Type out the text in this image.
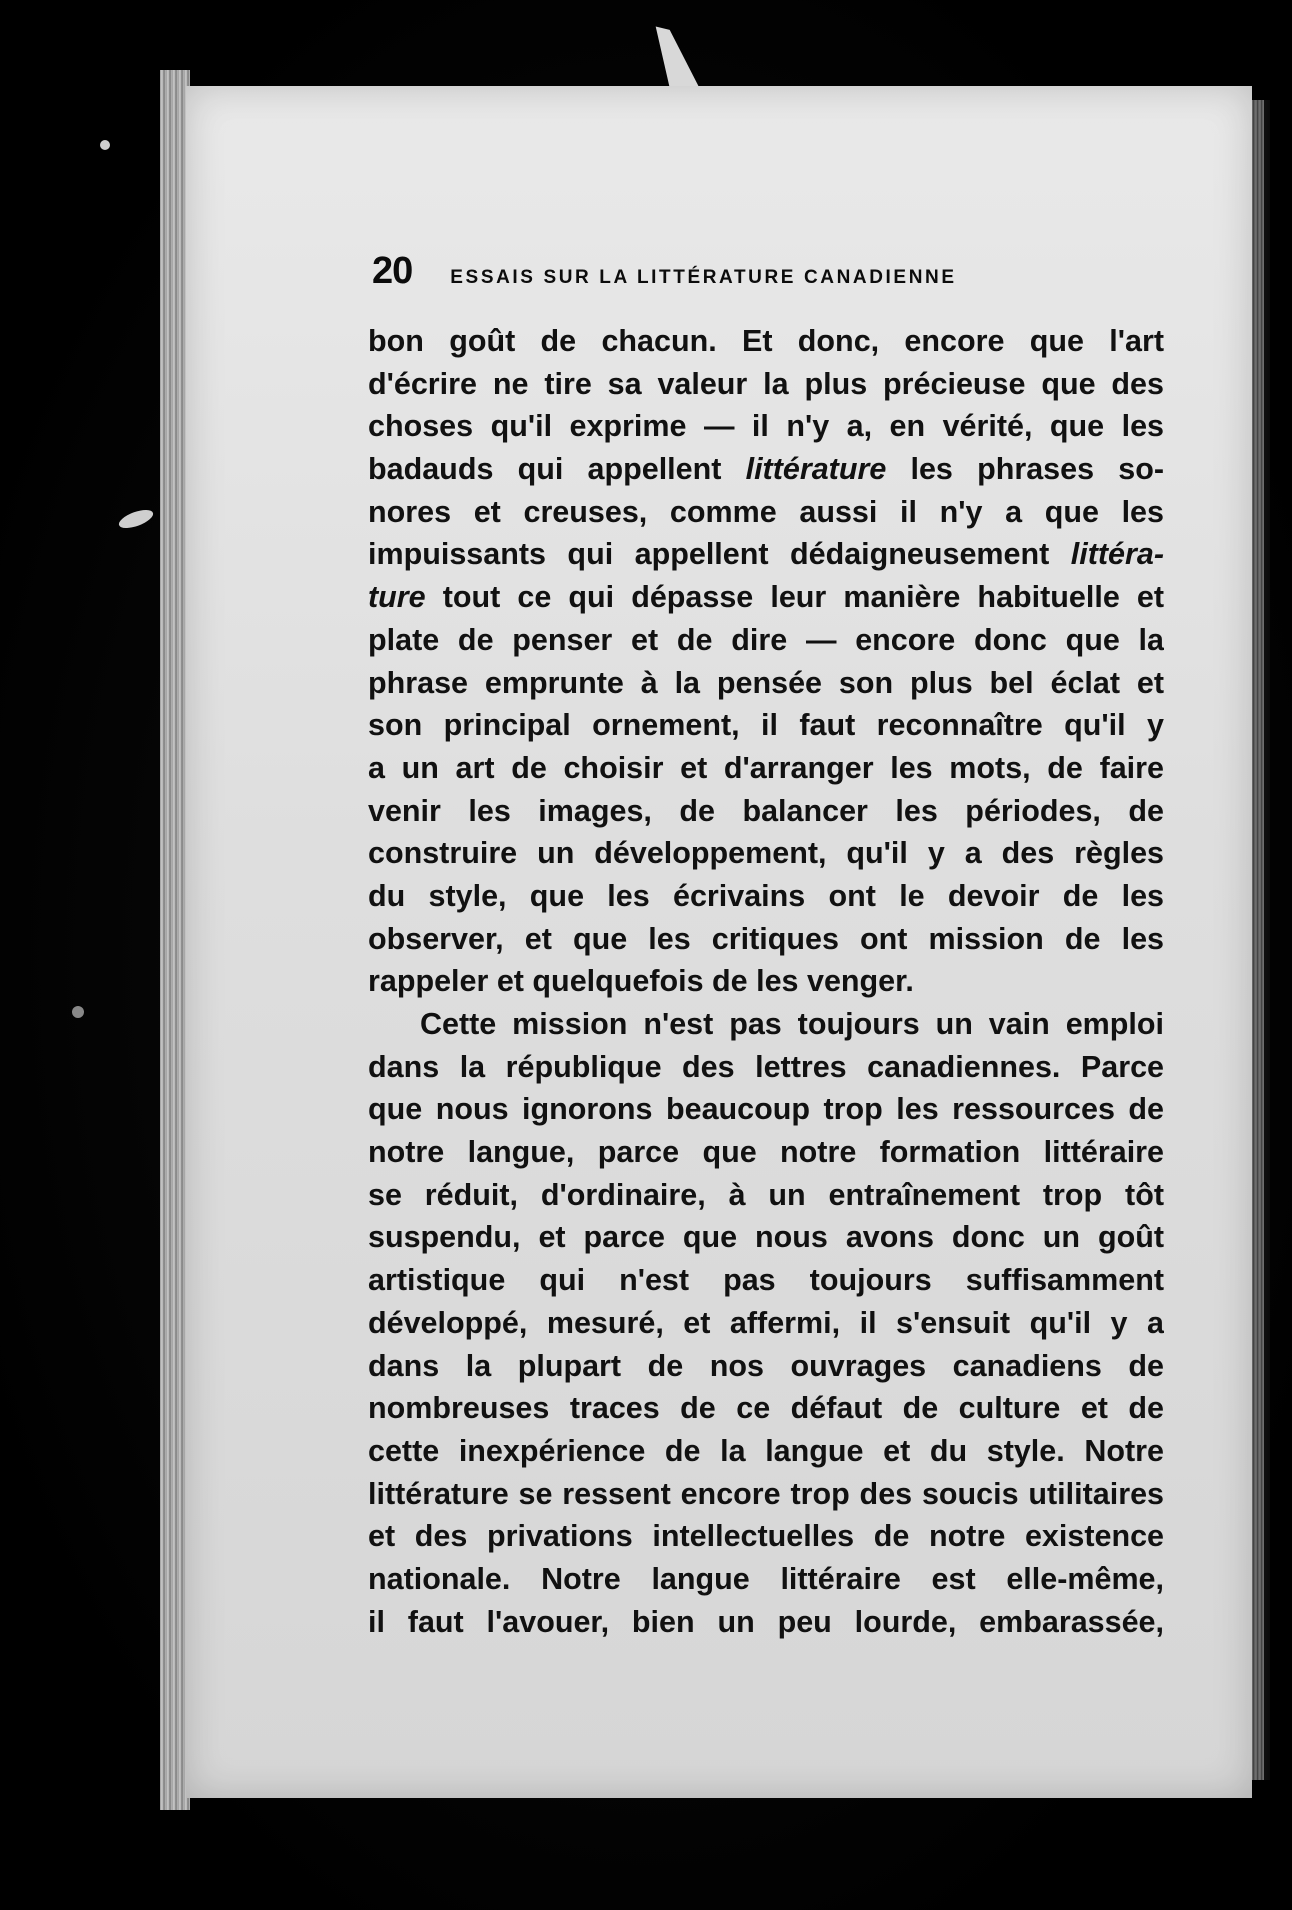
20 ESSAIS SUR LA LITTÉRATURE CANADIENNE
bon goût de chacun. Et donc, encore que l'art
d'écrire ne tire sa valeur la plus précieuse que des
choses qu'il exprime — il n'y a, en vérité, que les
badauds qui appellent littérature les phrases so-
nores et creuses, comme aussi il n'y a que les
impuissants qui appellent dédaigneusement littéra-
ture tout ce qui dépasse leur manière habituelle et
plate de penser et de dire — encore donc que la
phrase emprunte à la pensée son plus bel éclat et
son principal ornement, il faut reconnaître qu'il y
a un art de choisir et d'arranger les mots, de faire
venir les images, de balancer les périodes, de
construire un développement, qu'il y a des règles
du style, que les écrivains ont le devoir de les
observer, et que les critiques ont mission de les
rappeler et quelquefois de les venger.
Cette mission n'est pas toujours un vain emploi
dans la république des lettres canadiennes. Parce
que nous ignorons beaucoup trop les ressources de
notre langue, parce que notre formation littéraire
se réduit, d'ordinaire, à un entraînement trop tôt
suspendu, et parce que nous avons donc un goût
artistique qui n'est pas toujours suffisamment
développé, mesuré, et affermi, il s'ensuit qu'il y a
dans la plupart de nos ouvrages canadiens de
nombreuses traces de ce défaut de culture et de
cette inexpérience de la langue et du style. Notre
littérature se ressent encore trop des soucis utilitaires
et des privations intellectuelles de notre existence
nationale. Notre langue littéraire est elle-même,
il faut l'avouer, bien un peu lourde, embarassée,
